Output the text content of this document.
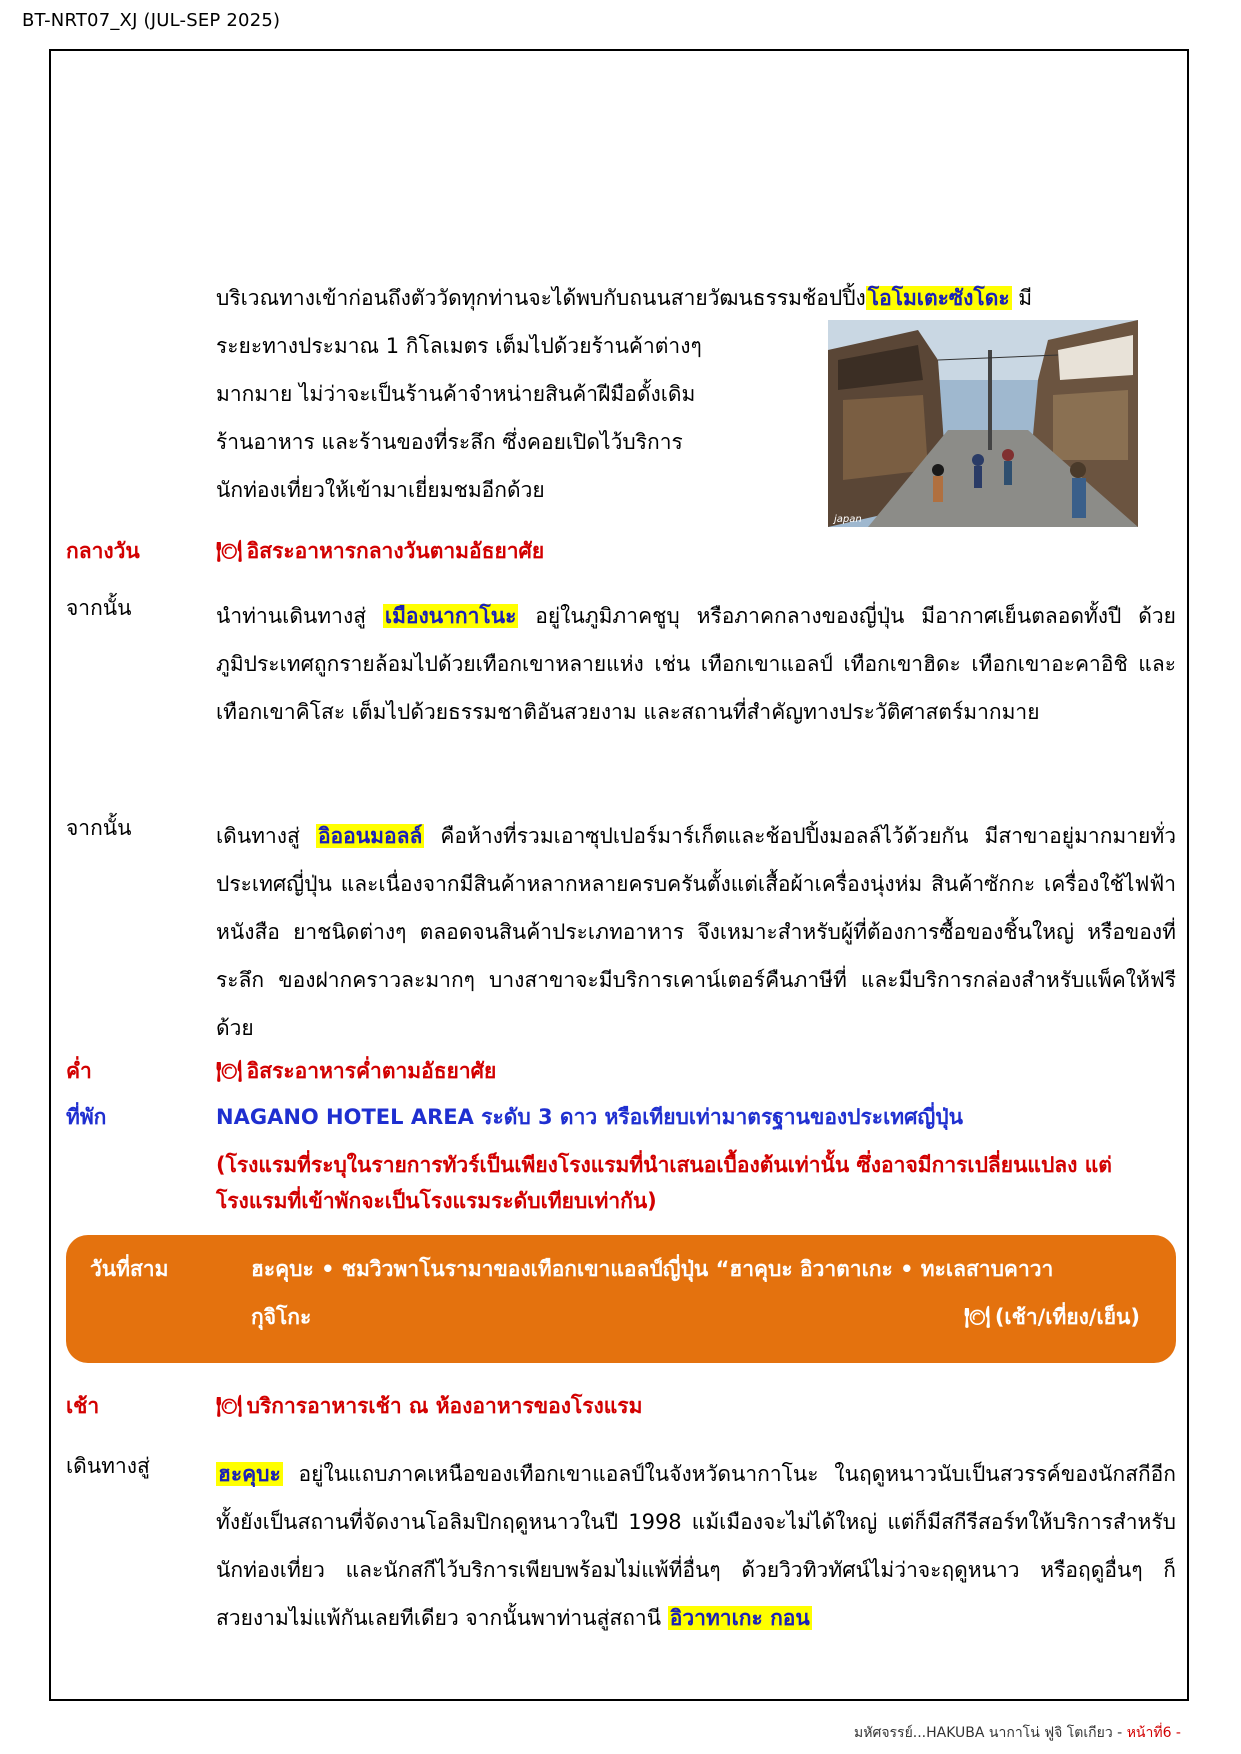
BT-NRT07_XJ (JUL-SEP 2025)
บริเวณทางเข้าก่อนถึงตัววัดทุกท่านจะได้พบกับถนนสายวัฒนธรรมช้อปปิ้งโอโมเตะซังโดะ มี
ระยะทางประมาณ 1 กิโลเมตร เต็มไปด้วยร้านค้าต่างๆ
มากมาย ไม่ว่าจะเป็นร้านค้าจำหน่ายสินค้าฝีมือดั้งเดิม
ร้านอาหาร และร้านของที่ระลึก ซึ่งคอยเปิดไว้บริการ
นักท่องเที่ยวให้เข้ามาเยี่ยมชมอีกด้วย
japan
กลางวัน	🍽 อิสระอาหารกลางวันตามอัธยาศัย
จากนั้น	นำท่านเดินทางสู่ เมืองนากาโนะ อยู่ในภูมิภาคชูบุ หรือภาคกลางของญี่ปุ่น มีอากาศเย็นตลอดทั้งปี ด้วยภูมิประเทศถูกรายล้อมไปด้วยเทือกเขาหลายแห่ง เช่น เทือกเขาแอลป์ เทือกเขาฮิดะ เทือกเขาอะคาอิชิ และเทือกเขาคิโสะ เต็มไปด้วยธรรมชาติอันสวยงาม และสถานที่สำคัญทางประวัติศาสตร์มากมาย
จากนั้น	เดินทางสู่ อิออนมอลล์ คือห้างที่รวมเอาซุปเปอร์มาร์เก็ตและช้อปปิ้งมอลล์ไว้ด้วยกัน มีสาขาอยู่มากมายทั่วประเทศญี่ปุ่น และเนื่องจากมีสินค้าหลากหลายครบครันตั้งแต่เสื้อผ้าเครื่องนุ่งห่ม สินค้าซักกะ เครื่องใช้ไฟฟ้า หนังสือ ยาชนิดต่างๆ ตลอดจนสินค้าประเภทอาหาร จึงเหมาะสำหรับผู้ที่ต้องการซื้อของชิ้นใหญ่ หรือของที่ระลึก ของฝากคราวละมากๆ บางสาขาจะมีบริการเคาน์เตอร์คืนภาษีที่ และมีบริการกล่องสำหรับแพ็คให้ฟรีด้วย
ค่ำ	🍽 อิสระอาหารค่ำตามอัธยาศัย
ที่พัก	NAGANO HOTEL AREA ระดับ 3 ดาว หรือเทียบเท่ามาตรฐานของประเทศญี่ปุ่น
(โรงแรมที่ระบุในรายการทัวร์เป็นเพียงโรงแรมที่นำเสนอเบื้องต้นเท่านั้น ซึ่งอาจมีการเปลี่ยนแปลง แต่โรงแรมที่เข้าพักจะเป็นโรงแรมระดับเทียบเท่ากัน)
วันที่สาม	ฮะคุบะ • ชมวิวพาโนรามาของเทือกเขาแอลป์ญี่ปุ่น “ฮาคุบะ อิวาตาเกะ • ทะเลสาบคาวา
กุจิโกะ	🍽 (เช้า/เที่ยง/เย็น)
เช้า	🍽 บริการอาหารเช้า ณ ห้องอาหารของโรงแรม
เดินทางสู่	ฮะคุบะ อยู่ในแถบภาคเหนือของเทือกเขาแอลป์ในจังหวัดนากาโนะ ในฤดูหนาวนับเป็นสวรรค์ของนักสกีอีกทั้งยังเป็นสถานที่จัดงานโอลิมปิกฤดูหนาวในปี 1998 แม้เมืองจะไม่ได้ใหญ่ แต่ก็มีสกีรีสอร์ทให้บริการสำหรับนักท่องเที่ยว และนักสกีไว้บริการเพียบพร้อมไม่แพ้ที่อื่นๆ ด้วยวิวทิวทัศน์ไม่ว่าจะฤดูหนาว หรือฤดูอื่นๆ ก็สวยงามไม่แพ้กันเลยทีเดียว จากนั้นพาท่านสู่สถานี อิวาทาเกะ กอน
มหัศจรรย์...HAKUBA นากาโน่ ฟูจิ โตเกียว - หน้าที่6 -
